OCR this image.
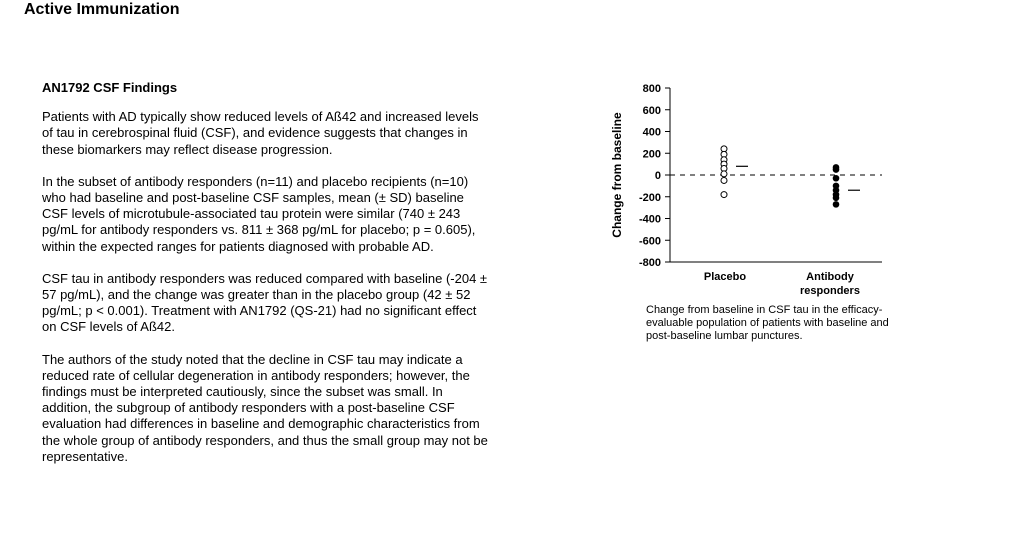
Active Immunization
AN1792 CSF Findings

Patients with AD typically show reduced levels of Aß42 and increased levels of tau in cerebrospinal fluid (CSF), and evidence suggests that changes in these biomarkers may reflect disease progression.

In the subset of antibody responders (n=11) and placebo recipients (n=10) who had baseline and post-baseline CSF samples, mean (± SD) baseline CSF levels of microtubule-associated tau protein were similar (740 ± 243 pg/mL for antibody responders vs. 811 ± 368 pg/mL for placebo; p = 0.605), within the expected ranges for patients diagnosed with probable AD.

CSF tau in antibody responders was reduced compared with baseline (-204 ± 57 pg/mL), and the change was greater than in the placebo group (42 ± 52 pg/mL; p < 0.001). Treatment with AN1792 (QS-21) had no significant effect on CSF levels of Aß42.

The authors of the study noted that the decline in CSF tau may indicate a reduced rate of cellular degeneration in antibody responders; however, the findings must be interpreted cautiously, since the subset was small. In addition, the subgroup of antibody responders with a post-baseline CSF evaluation had differences in baseline and demographic characteristics from the whole group of antibody responders, and thus the small group may not be representative.

800
600
400
200
0
-200
-400
-600
-800
Change from baseline
Placebo	Antibody
responders
Change from baseline in CSF tau in the efficacy-evaluable population of patients with baseline and post-baseline lumbar punctures.
